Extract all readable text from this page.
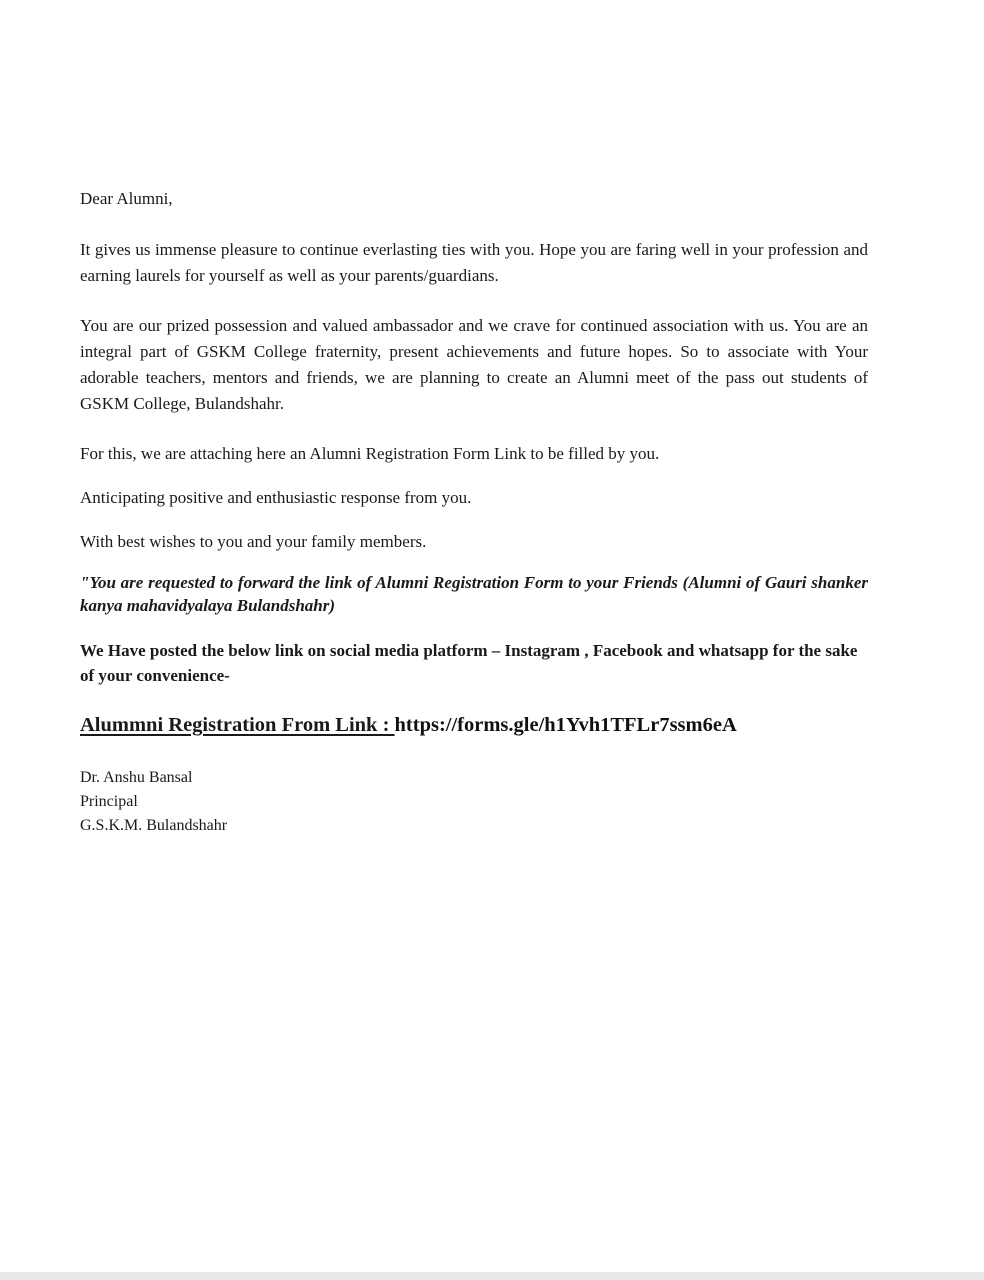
Dear Alumni,

It gives us immense pleasure to continue everlasting ties with you. Hope you are faring well in your profession and earning laurels for yourself as well as your parents/guardians.

You are our prized possession and valued ambassador and we crave for continued association with us. You are an integral part of GSKM College fraternity, present achievements and future hopes. So to associate with Your adorable teachers, mentors and friends, we are planning to create an Alumni meet of the pass out students of GSKM College, Bulandshahr.

For this, we are attaching here an Alumni Registration Form Link to be filled by you.

Anticipating positive and enthusiastic response from you.

With best wishes to you and your family members.

"You are requested to forward the link of Alumni Registration Form to your Friends (Alumni of Gauri shanker kanya mahavidyalaya Bulandshahr)

We Have posted the below link on social media platform – Instagram , Facebook and whatsapp for the sake of your convenience-

Alummni Registration From Link : https://forms.gle/h1Yvh1TFLr7ssm6eA

Dr. Anshu Bansal
Principal
G.S.K.M. Bulandshahr
